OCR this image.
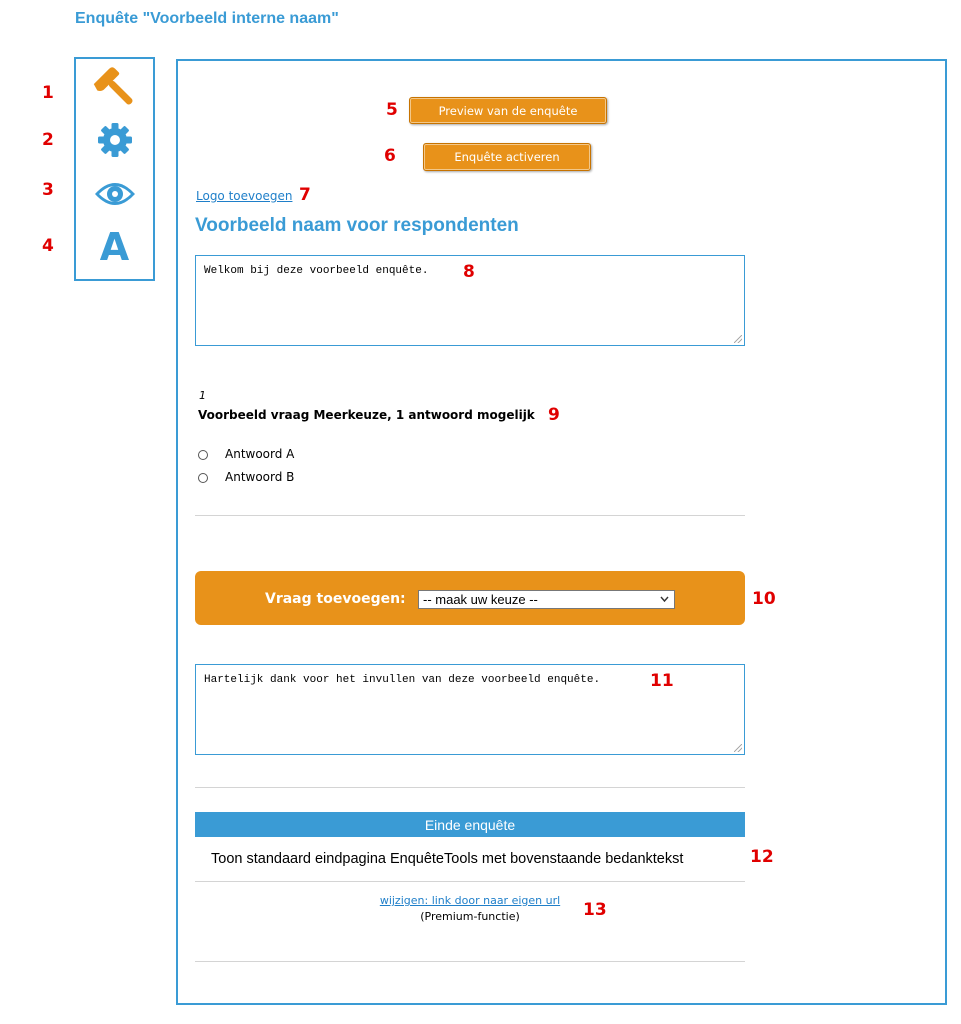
Enquête "Voorbeeld interne naam"
1
2
3
4 A
5	Preview van de enquête
6	Enquête activeren
Logo toevoegen 7
Voorbeeld naam voor respondenten
Welkom bij deze voorbeeld enquête.	8
1
Voorbeeld vraag Meerkeuze, 1 antwoord mogelijk 9
Antwoord A
Antwoord B
Vraag toevoegen: -- maak uw keuze --	10
Hartelijk dank voor het invullen van deze voorbeeld enquête.	11
Einde enquête
Toon standaard eindpagina EnquêteTools met bovenstaande bedanktekst	12
wijzigen: link door naar eigen url
(Premium-functie)	13
